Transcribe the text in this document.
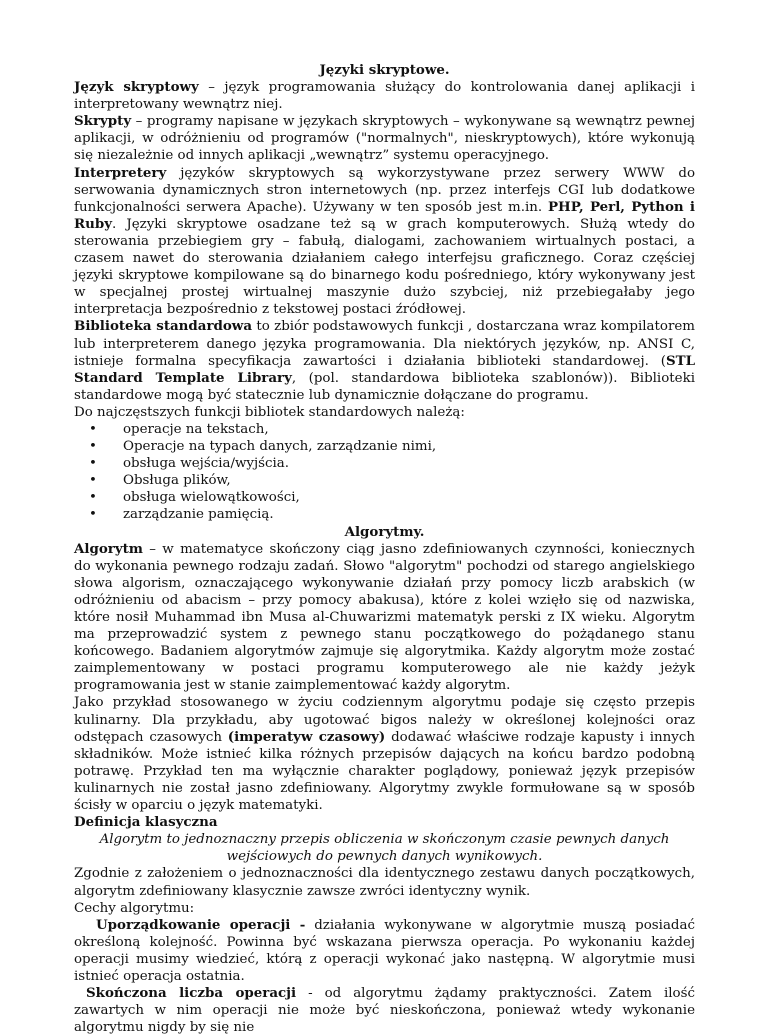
Języki skryptowe.

Język skryptowy – język programowania służący do kontrolowania danej aplikacji i interpretowany wewnątrz niej.

Skrypty – programy napisane w językach skryptowych – wykonywane są wewnątrz pewnej aplikacji, w odróżnieniu od programów ("normalnych", nieskryptowych), które wykonują się niezależnie od innych aplikacji „wewnątrz” systemu operacyjnego.

Interpretery języków skryptowych są wykorzystywane przez serwery WWW do serwowania dynamicznych stron internetowych (np. przez interfejs CGI lub dodatkowe funkcjonalności serwera Apache). Używany w ten sposób jest m.in. PHP, Perl, Python i Ruby. Języki skryptowe osadzane też są w grach komputerowych. Służą wtedy do sterowania przebiegiem gry – fabułą, dialogami, zachowaniem wirtualnych postaci, a czasem nawet do sterowania działaniem całego interfejsu graficznego. Coraz częściej języki skryptowe kompilowane są do binarnego kodu pośredniego, który wykonywany jest w specjalnej prostej wirtualnej maszynie dużo szybciej, niż przebiegałaby jego interpretacja bezpośrednio z tekstowej postaci źródłowej.

Biblioteka standardowa to zbiór podstawowych funkcji , dostarczana wraz kompilatorem lub interpreterem danego języka programowania. Dla niektórych języków, np. ANSI C, istnieje formalna specyfikacja zawartości i działania biblioteki standardowej. (STL Standard Template Library, (pol. standardowa biblioteka szablonów)). Biblioteki standardowe mogą być statecznie lub dynamicznie dołączane do programu.

Do najczęstszych funkcji bibliotek standardowych należą:

• operacje na tekstach,
• Operacje na typach danych, zarządzanie nimi,
• obsługa wejścia/wyjścia.
• Obsługa plików,
• obsługa wielowątkowości,
• zarządzanie pamięcią.

Algorytmy.

Algorytm – w matematyce skończony ciąg jasno zdefiniowanych czynności, koniecznych do wykonania pewnego rodzaju zadań. Słowo "algorytm" pochodzi od starego angielskiego słowa algorism, oznaczającego wykonywanie działań przy pomocy liczb arabskich (w odróżnieniu od abacism – przy pomocy abakusa), które z kolei wzięło się od nazwiska, które nosił Muhammad ibn Musa al-Chuwarizmi matematyk perski z IX wieku. Algorytm ma przeprowadzić system z pewnego stanu początkowego do pożądanego stanu końcowego. Badaniem algorytmów zajmuje się algorytmika. Każdy algorytm może zostać zaimplementowany w postaci programu komputerowego ale nie każdy jeżyk programowania jest w stanie zaimplementować każdy algorytm.

Jako przykład stosowanego w życiu codziennym algorytmu podaje się często przepis kulinarny. Dla przykładu, aby ugotować bigos należy w określonej kolejności oraz odstępach czasowych (imperatyw czasowy) dodawać właściwe rodzaje kapusty i innych składników. Może istnieć kilka różnych przepisów dających na końcu bardzo podobną potrawę. Przykład ten ma wyłącznie charakter poglądowy, ponieważ język przepisów kulinarnych nie został jasno zdefiniowany. Algorytmy zwykle formułowane są w sposób ścisły w oparciu o język matematyki.

Definicja klasyczna

Algorytm to jednoznaczny przepis obliczenia w skończonym czasie pewnych danych wejściowych do pewnych danych wynikowych.

Zgodnie z założeniem o jednoznaczności dla identycznego zestawu danych początkowych, algorytm zdefiniowany klasycznie zawsze zwróci identyczny wynik.

Cechy algorytmu:

Uporządkowanie operacji - działania wykonywane w algorytmie muszą posiadać określoną kolejność. Powinna być wskazana pierwsza operacja. Po wykonaniu każdej operacji musimy wiedzieć, którą z operacji wykonać jako następną. W algorytmie musi istnieć operacja ostatnia.

Skończona liczba operacji - od algorytmu żądamy praktyczności. Zatem ilość zawartych w nim operacji nie może być nieskończona, ponieważ wtedy wykonanie algorytmu nigdy by się nie
